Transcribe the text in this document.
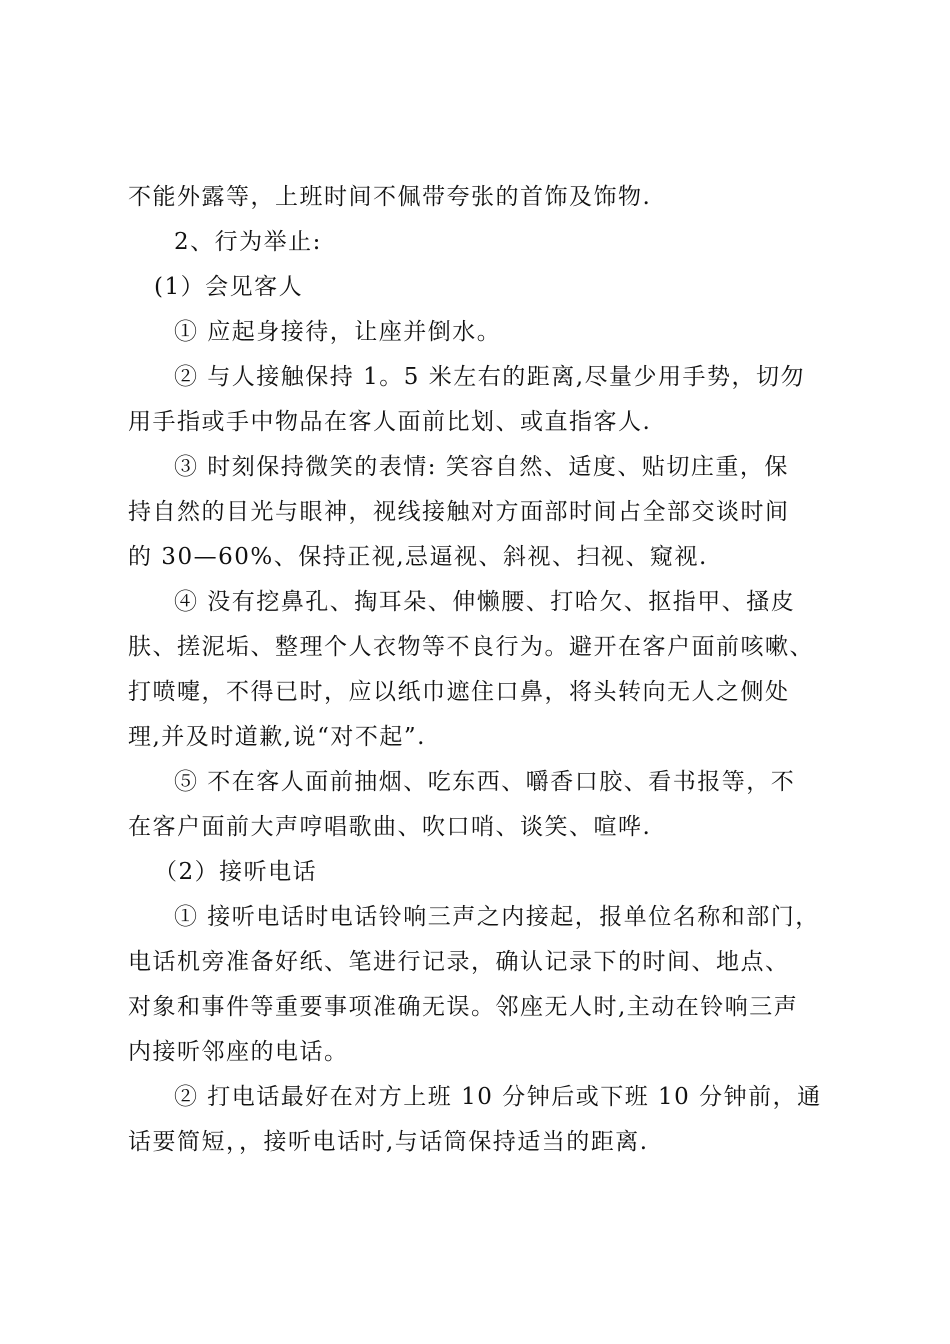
不能外露等，上班时间不佩带夸张的首饰及饰物.
2、行为举止:
(1）会见客人
① 应起身接待，让座并倒水。
② 与人接触保持 1。5 米左右的距离,尽量少用手势，切勿
用手指或手中物品在客人面前比划、或直指客人.
③ 时刻保持微笑的表情: 笑容自然、适度、贴切庄重，保
持自然的目光与眼神，视线接触对方面部时间占全部交谈时间
的 30—60%、保持正视,忌逼视、斜视、扫视、窥视.
④ 没有挖鼻孔、掏耳朵、伸懒腰、打哈欠、抠指甲、搔皮
肤、搓泥垢、整理个人衣物等不良行为。避开在客户面前咳嗽、
打喷嚏，不得已时，应以纸巾遮住口鼻，将头转向无人之侧处
理,并及时道歉,说“对不起”.
⑤ 不在客人面前抽烟、吃东西、嚼香口胶、看书报等，不
在客户面前大声哼唱歌曲、吹口哨、谈笑、喧哗.
（2）接听电话
① 接听电话时电话铃响三声之内接起，报单位名称和部门，
电话机旁准备好纸、笔进行记录，确认记录下的时间、地点、
对象和事件等重要事项准确无误。邻座无人时,主动在铃响三声
内接听邻座的电话。
② 打电话最好在对方上班 10 分钟后或下班 10 分钟前，通
话要简短，，接听电话时,与话筒保持适当的距离.
